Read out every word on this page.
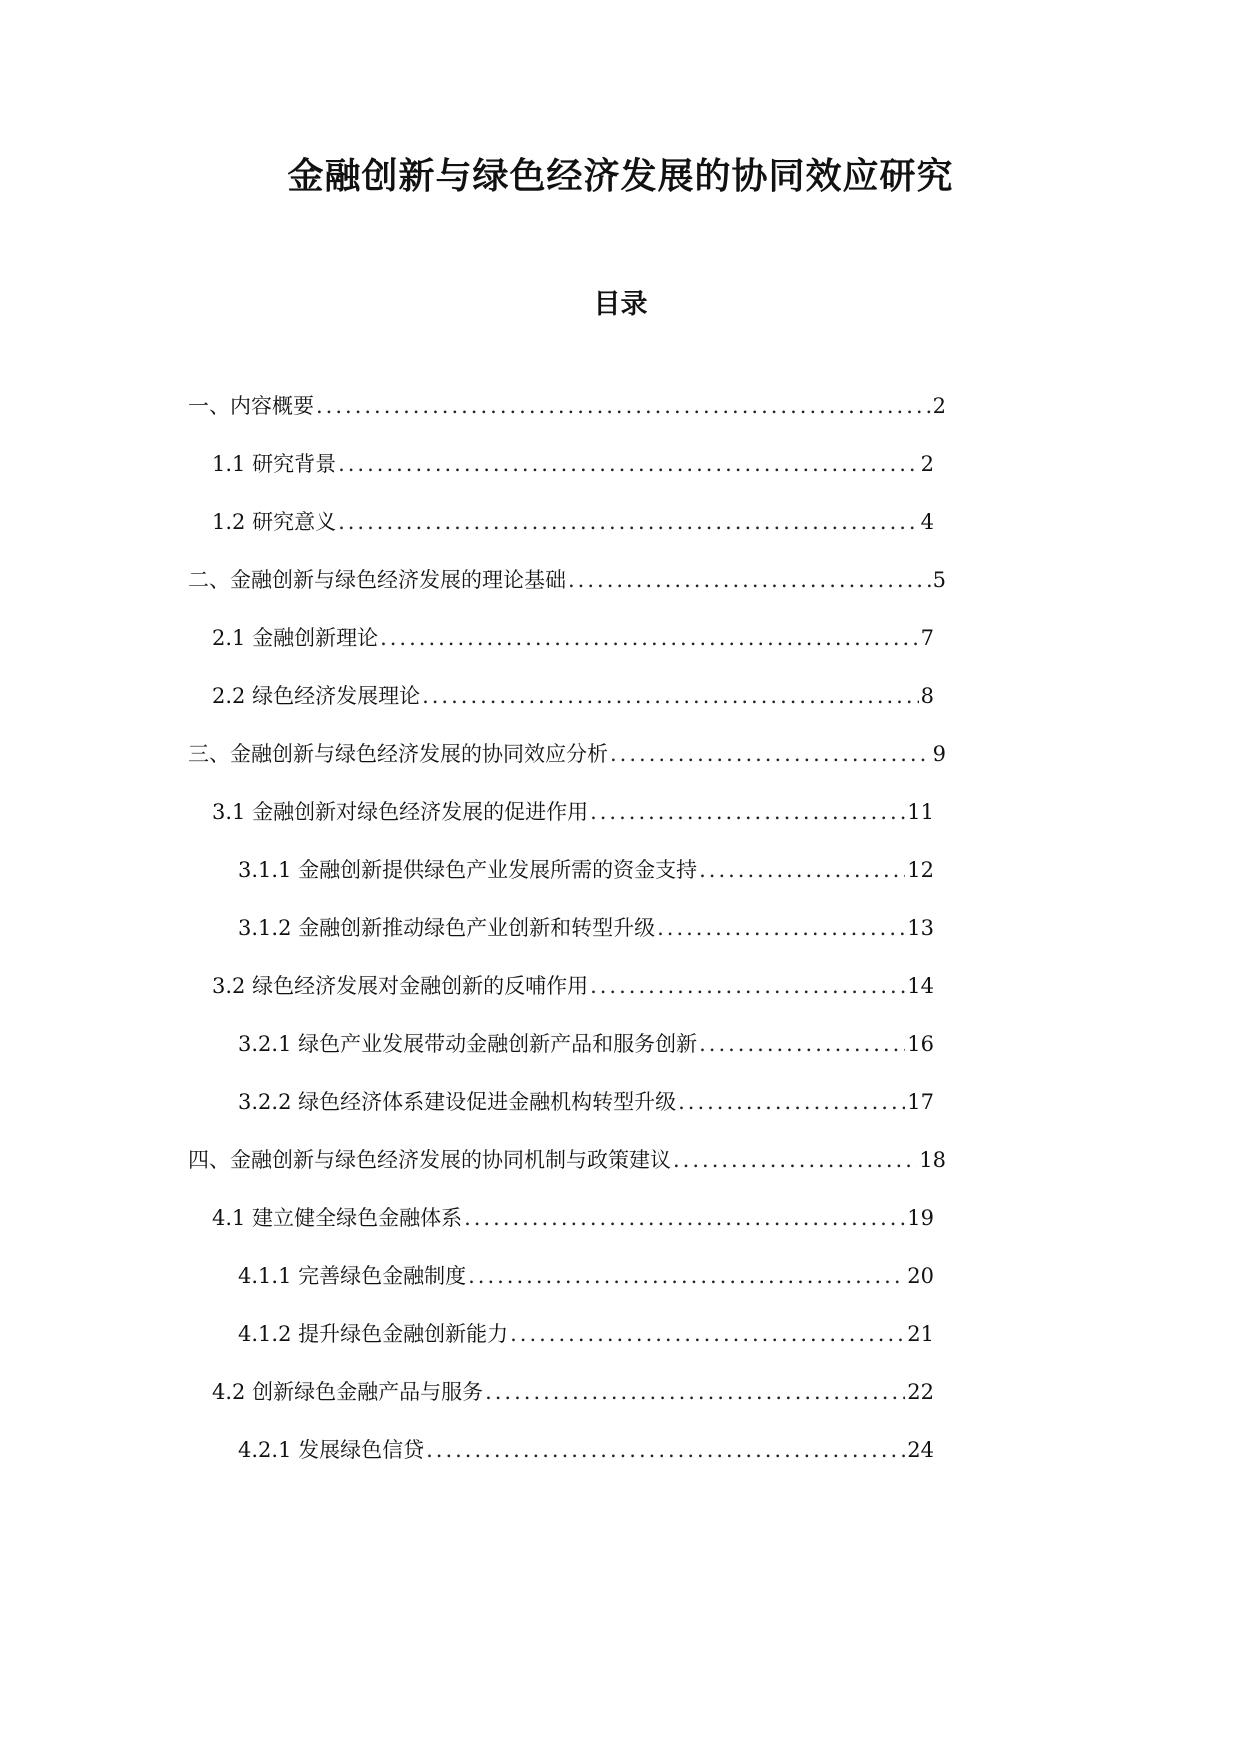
金融创新与绿色经济发展的协同效应研究
目录
一、内容概要 .....	2
1.1 研究背景 .....	2
1.2 研究意义 .....	4
二、金融创新与绿色经济发展的理论基础 .....	5
2.1 金融创新理论 .....	7
2.2 绿色经济发展理论 .....	8
三、金融创新与绿色经济发展的协同效应分析 .....	9
3.1 金融创新对绿色经济发展的促进作用 .....	11
3.1.1 金融创新提供绿色产业发展所需的资金支持 .....	12
3.1.2 金融创新推动绿色产业创新和转型升级 .....	13
3.2 绿色经济发展对金融创新的反哺作用 .....	14
3.2.1 绿色产业发展带动金融创新产品和服务创新 .....	16
3.2.2 绿色经济体系建设促进金融机构转型升级 .....	17
四、金融创新与绿色经济发展的协同机制与政策建议 .....	18
4.1 建立健全绿色金融体系 .....	19
4.1.1 完善绿色金融制度 .....	20
4.1.2 提升绿色金融创新能力 .....	21
4.2 创新绿色金融产品与服务 .....	22
4.2.1 发展绿色信贷 .....	24
